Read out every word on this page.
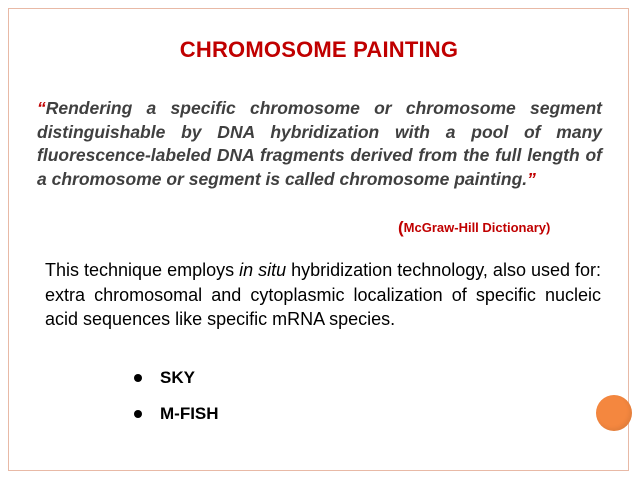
CHROMOSOME PAINTING
“Rendering a specific chromosome or chromosome segment distinguishable by DNA hybridization with a pool of many fluorescence-labeled DNA fragments derived from the full length of a chromosome or segment is called chromosome painting.”
(McGraw-Hill Dictionary)
This technique employs in situ hybridization technology, also used for: extra chromosomal and cytoplasmic localization of specific nucleic acid sequences like specific mRNA species.
SKY
M-FISH
